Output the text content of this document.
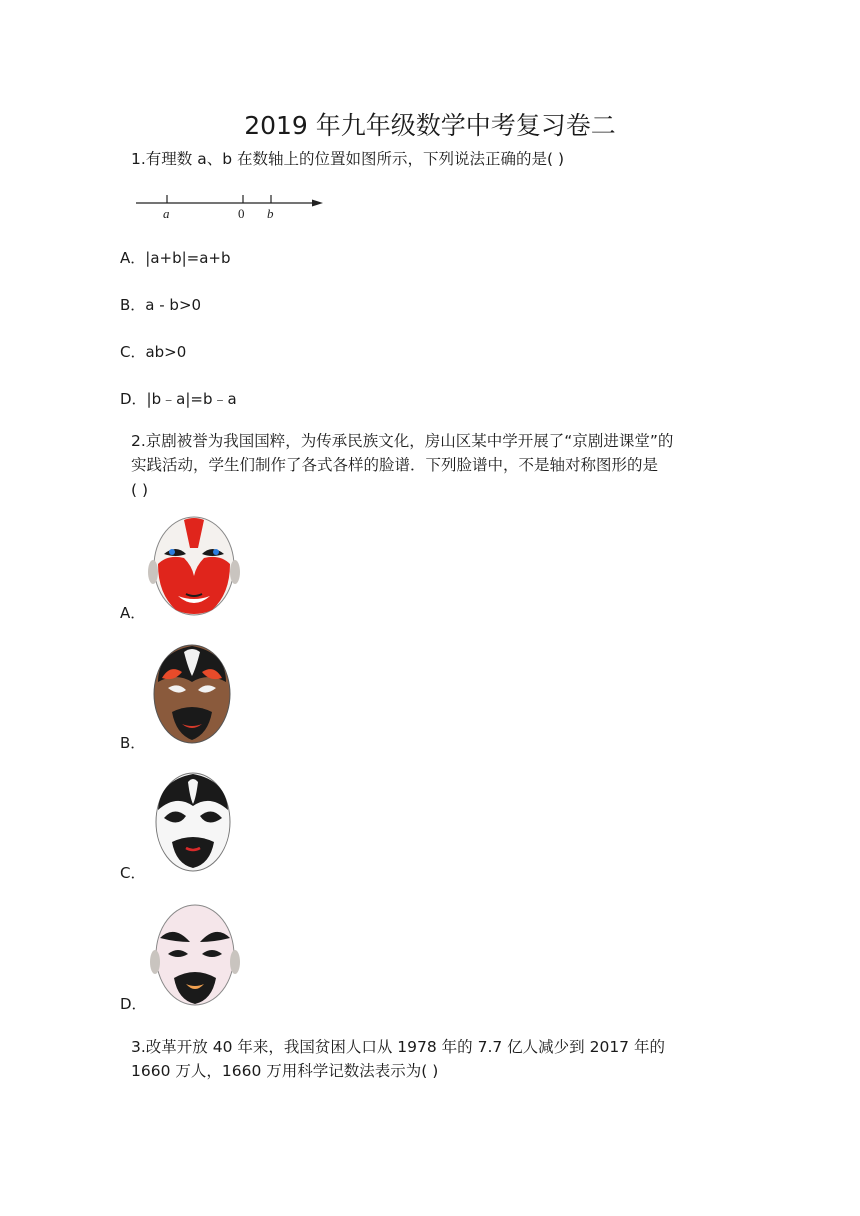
2019 年九年级数学中考复习卷二
1.有理数 a、b 在数轴上的位置如图所示，下列说法正确的是( )
a	0 b
A．|a+b|=a+b
B．a - b>0
C．ab>0
D．|b﹣a|=b﹣a
2.京剧被誉为我国国粹，为传承民族文化，房山区某中学开展了“京剧进课堂”的
实践活动，学生们制作了各式各样的脸谱．下列脸谱中，不是轴对称图形的是
( )
A．
B．
C．
D．
3.改革开放 40 年来，我国贫困人口从 1978 年的 7.7 亿人减少到 2017 年的
1660 万人，1660 万用科学记数法表示为( )
